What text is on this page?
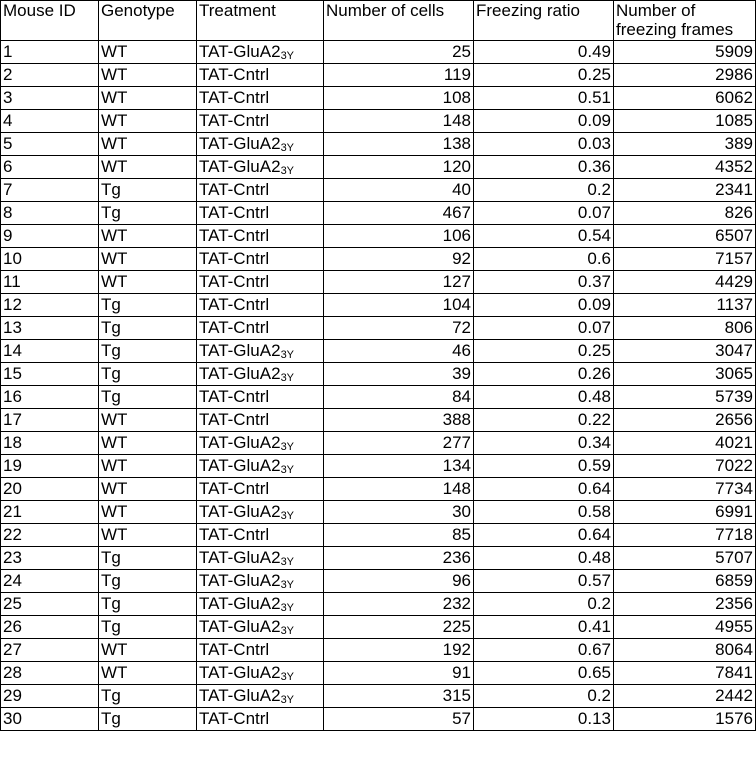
Mouse ID	Genotype	Treatment	Number of cells	Freezing ratio	Number of freezing frames
1	WT	TAT-$GluA2_{3Y}$	25	0.49	5909
2	WT	TAT-Cntrl	119	0.25	2986
3	WT	TAT-Cntrl	108	0.51	6062
4	WT	TAT-Cntrl	148	0.09	1085
5	WT	TAT-$GluA2_{3Y}$	138	0.03	389
6	WT	TAT-$GluA2_{3Y}$	120	0.36	4352
7	Tg	TAT-Cntrl	40	0.2	2341
8	Tg	TAT-Cntrl	467	0.07	826
9	WT	TAT-Cntrl	106	0.54	6507
10	WT	TAT-Cntrl	92	0.6	7157
11	WT	TAT-Cntrl	127	0.37	4429
12	Tg	TAT-Cntrl	104	0.09	1137
13	Tg	TAT-Cntrl	72	0.07	806
14	Tg	TAT-$GluA2_{3Y}$	46	0.25	3047
15	Tg	TAT-$GluA2_{3Y}$	39	0.26	3065
16	Tg	TAT-Cntrl	84	0.48	5739
17	WT	TAT-Cntrl	388	0.22	2656
18	WT	TAT-$GluA2_{3Y}$	277	0.34	4021
19	WT	TAT-$GluA2_{3Y}$	134	0.59	7022
20	WT	TAT-Cntrl	148	0.64	7734
21	WT	TAT-$GluA2_{3Y}$	30	0.58	6991
22	WT	TAT-Cntrl	85	0.64	7718
23	Tg	TAT-$GluA2_{3Y}$	236	0.48	5707
24	Tg	TAT-$GluA2_{3Y}$	96	0.57	6859
25	Tg	TAT-$GluA2_{3Y}$	232	0.2	2356
26	Tg	TAT-$GluA2_{3Y}$	225	0.41	4955
27	WT	TAT-Cntrl	192	0.67	8064
28	WT	TAT-$GluA2_{3Y}$	91	0.65	7841
29	Tg	TAT-$GluA2_{3Y}$	315	0.2	2442
30	Tg	TAT-Cntrl	57	0.13	1576
